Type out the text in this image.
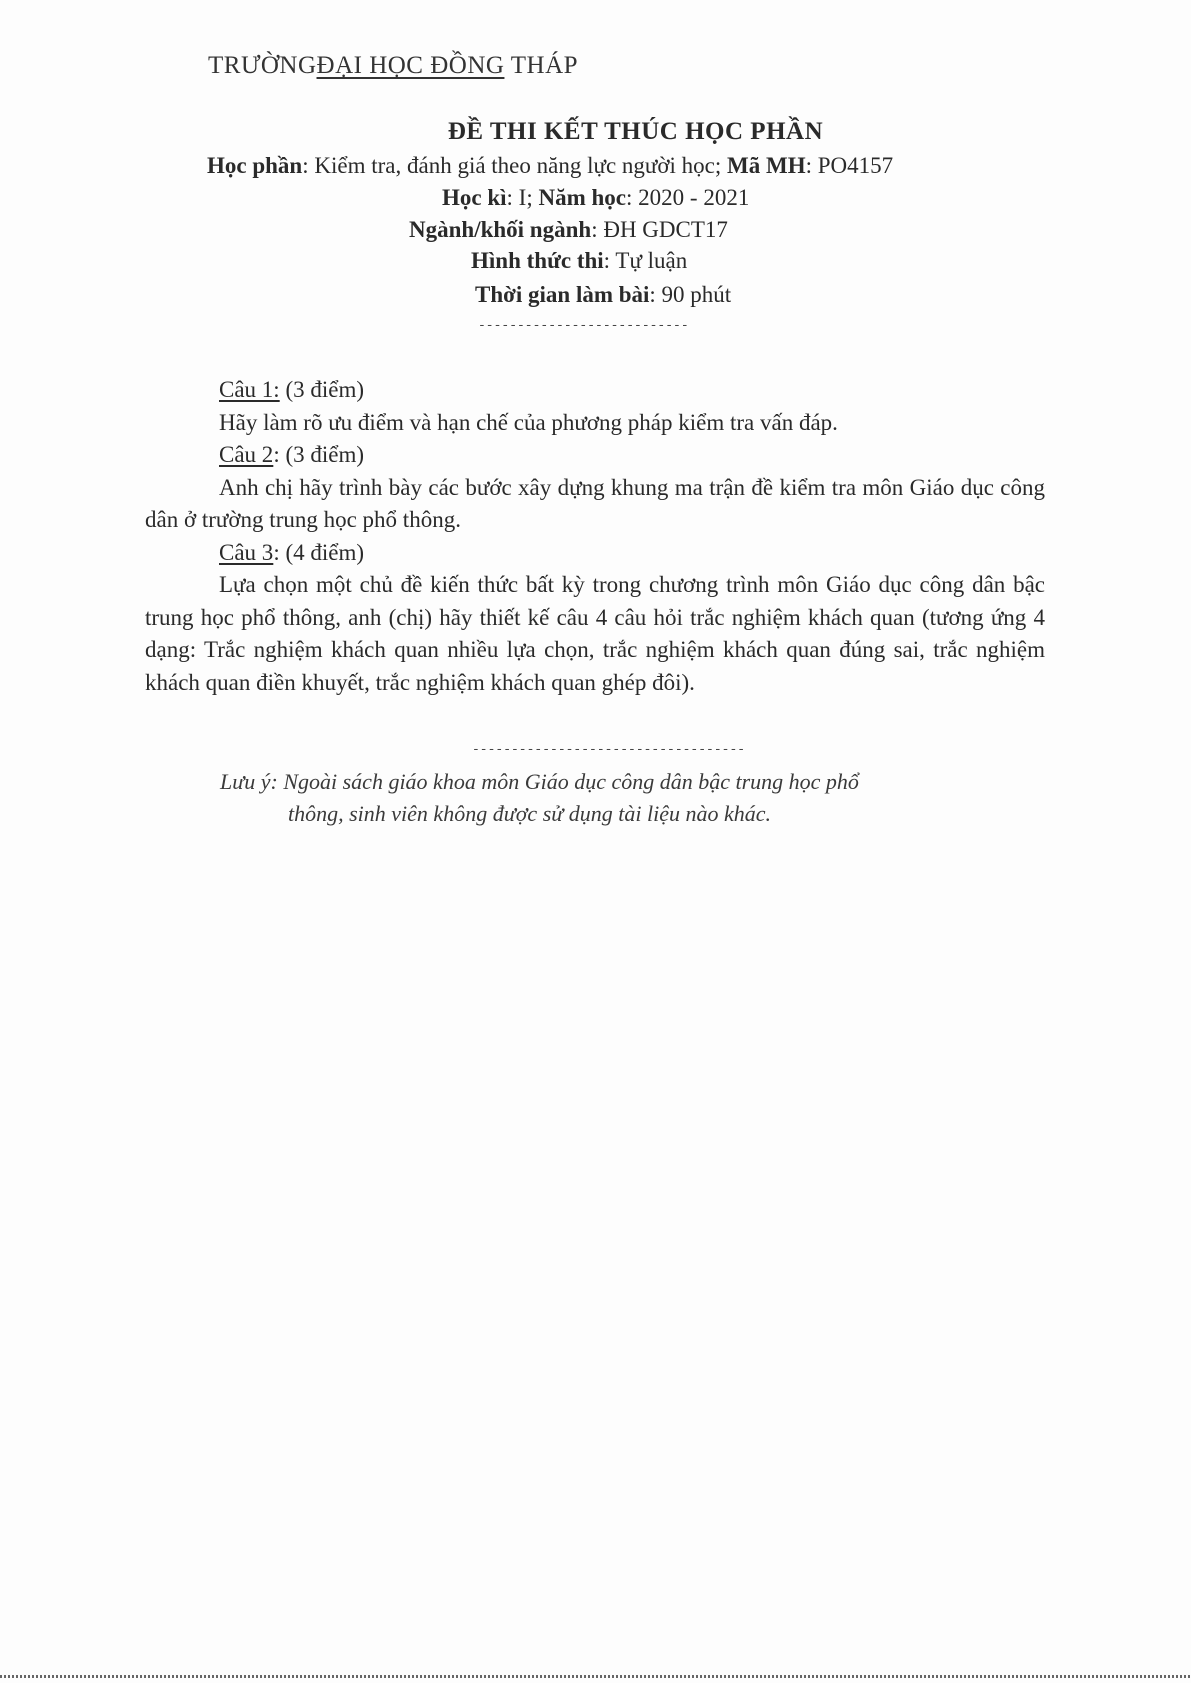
TRƯỜNGĐẠI HỌC ĐỒNG THÁP
ĐỀ THI KẾT THÚC HỌC PHẦN
Học phần: Kiểm tra, đánh giá theo năng lực người học; Mã MH: PO4157
Học kì: I; Năm học: 2020 - 2021
Ngành/khối ngành: ĐH GDCT17
Hình thức thi: Tự luận
Thời gian làm bài: 90 phút
---------------------------
Câu 1: (3 điểm)
Hãy làm rõ ưu điểm và hạn chế của phương pháp kiểm tra vấn đáp.
Câu 2: (3 điểm)
Anh chị hãy trình bày các bước xây dựng khung ma trận đề kiểm tra môn Giáo dục công dân ở trường trung học phổ thông.
Câu 3: (4 điểm)
Lựa chọn một chủ đề kiến thức bất kỳ trong chương trình môn Giáo dục công dân bậc trung học phổ thông, anh (chị) hãy thiết kế câu 4 câu hỏi trắc nghiệm khách quan (tương ứng 4 dạng: Trắc nghiệm khách quan nhiều lựa chọn, trắc nghiệm khách quan đúng sai, trắc nghiệm khách quan điền khuyết, trắc nghiệm khách quan ghép đôi).
-----------------------------------
Lưu ý: Ngoài sách giáo khoa môn Giáo dục công dân bậc trung học phổ
thông, sinh viên không được sử dụng tài liệu nào khác.
